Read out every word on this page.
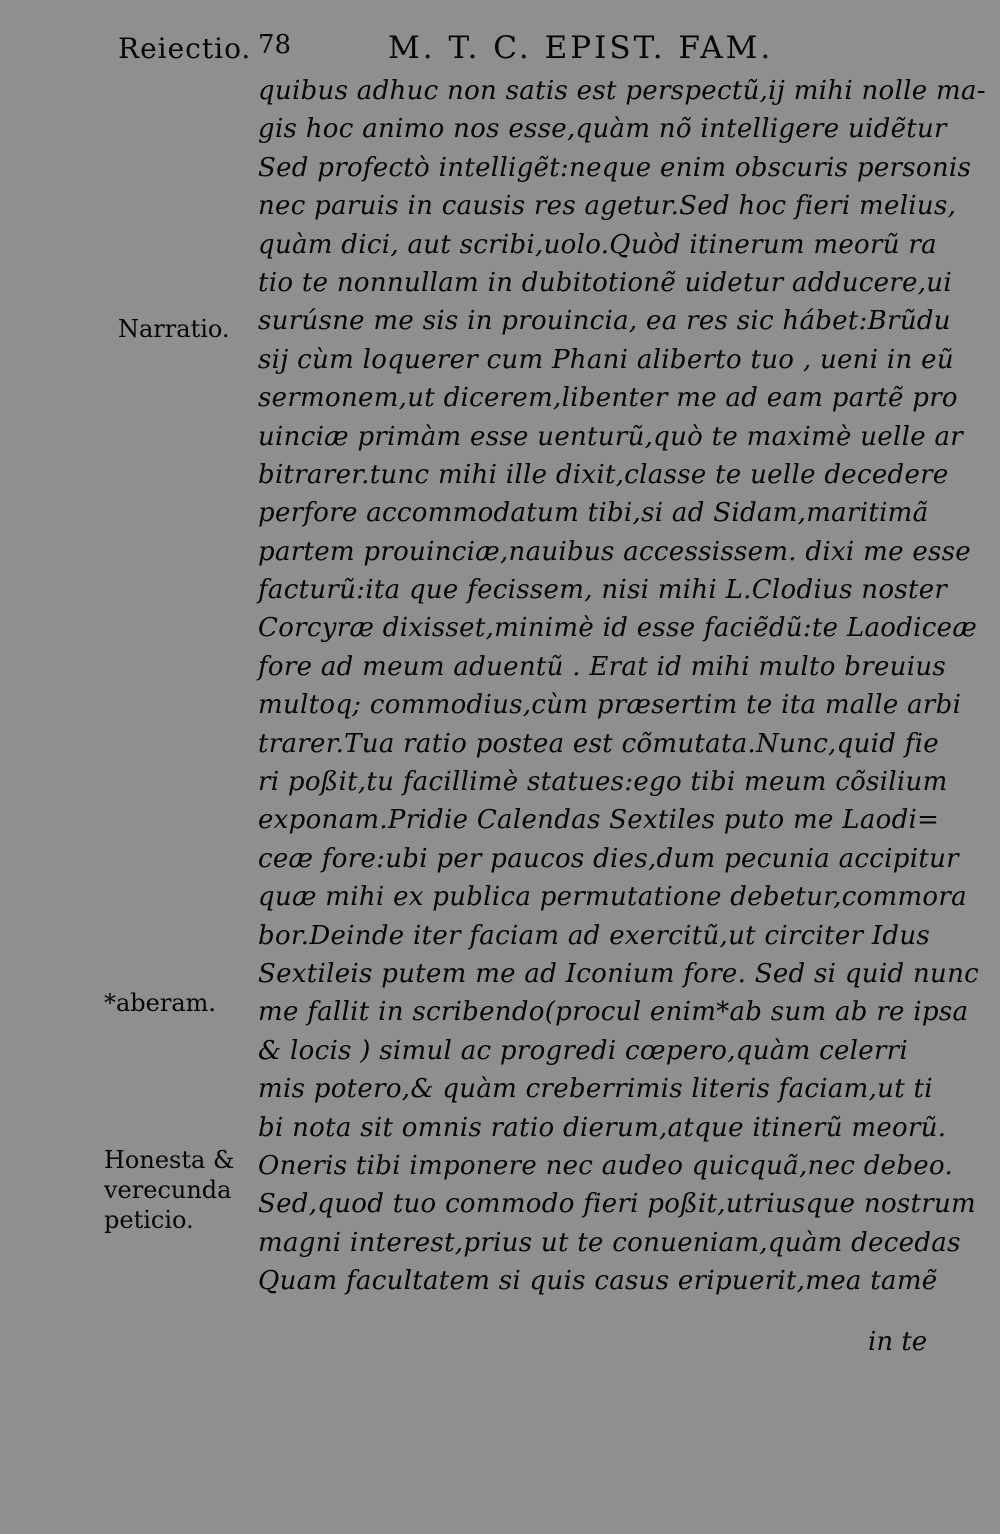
78	M. T. C. EPIST. FAM.
Reiectio.
Narratio.
*aberam.
Honesta &
verecunda
peticio.
quibus adhuc non satis est perspectũ,ij mihi nolle ma-
gis hoc animo nos esse,quàm nõ intelligere uidẽtur
Sed profectò intelligẽt:neque enim obscuris personis
nec paruis in causis res agetur.Sed hoc fieri melius,
quàm dici, aut scribi,uolo.Quòd itinerum meorũ ra
tio te nonnullam in dubitotionẽ uidetur adducere,ui
surúsne me sis in prouincia, ea res sic hábet:Brũdu
sij cùm loquerer cum Phani aliberto tuo , ueni in eũ
sermonem,ut dicerem,libenter me ad eam partẽ pro
uinciæ primàm esse uenturũ,quò te maximè uelle ar
bitrarer.tunc mihi ille dixit,classe te uelle decedere
perfore accommodatum tibi,si ad Sidam,maritimã
partem prouinciæ,nauibus accessissem. dixi me esse
facturũ:ita que fecissem, nisi mihi L.Clodius noster
Corcyræ dixisset,minimè id esse faciẽdũ:te Laodiceæ
fore ad meum aduentũ . Erat id mihi multo breuius
multoq; commodius,cùm præsertim te ita malle arbi
trarer.Tua ratio postea est cõmutata.Nunc,quid fie
ri poßit,tu facillimè statues:ego tibi meum cõsilium
exponam.Pridie Calendas Sextiles puto me Laodi=
ceæ fore:ubi per paucos dies,dum pecunia accipitur
quæ mihi ex publica permutatione debetur,commora
bor.Deinde iter faciam ad exercitũ,ut circiter Idus
Sextileis putem me ad Iconium fore. Sed si quid nunc
me fallit in scribendo(procul enim*ab sum ab re ipsa
& locis ) simul ac progredi cœpero,quàm celerri
mis potero,& quàm creberrimis literis faciam,ut ti
bi nota sit omnis ratio dierum,atque itinerũ meorũ.
Oneris tibi imponere nec audeo quicquã,nec debeo.
Sed,quod tuo commodo fieri poßit,utriusque nostrum
magni interest,prius ut te conueniam,quàm decedas
Quam facultatem si quis casus eripuerit,mea tamẽ
in te
